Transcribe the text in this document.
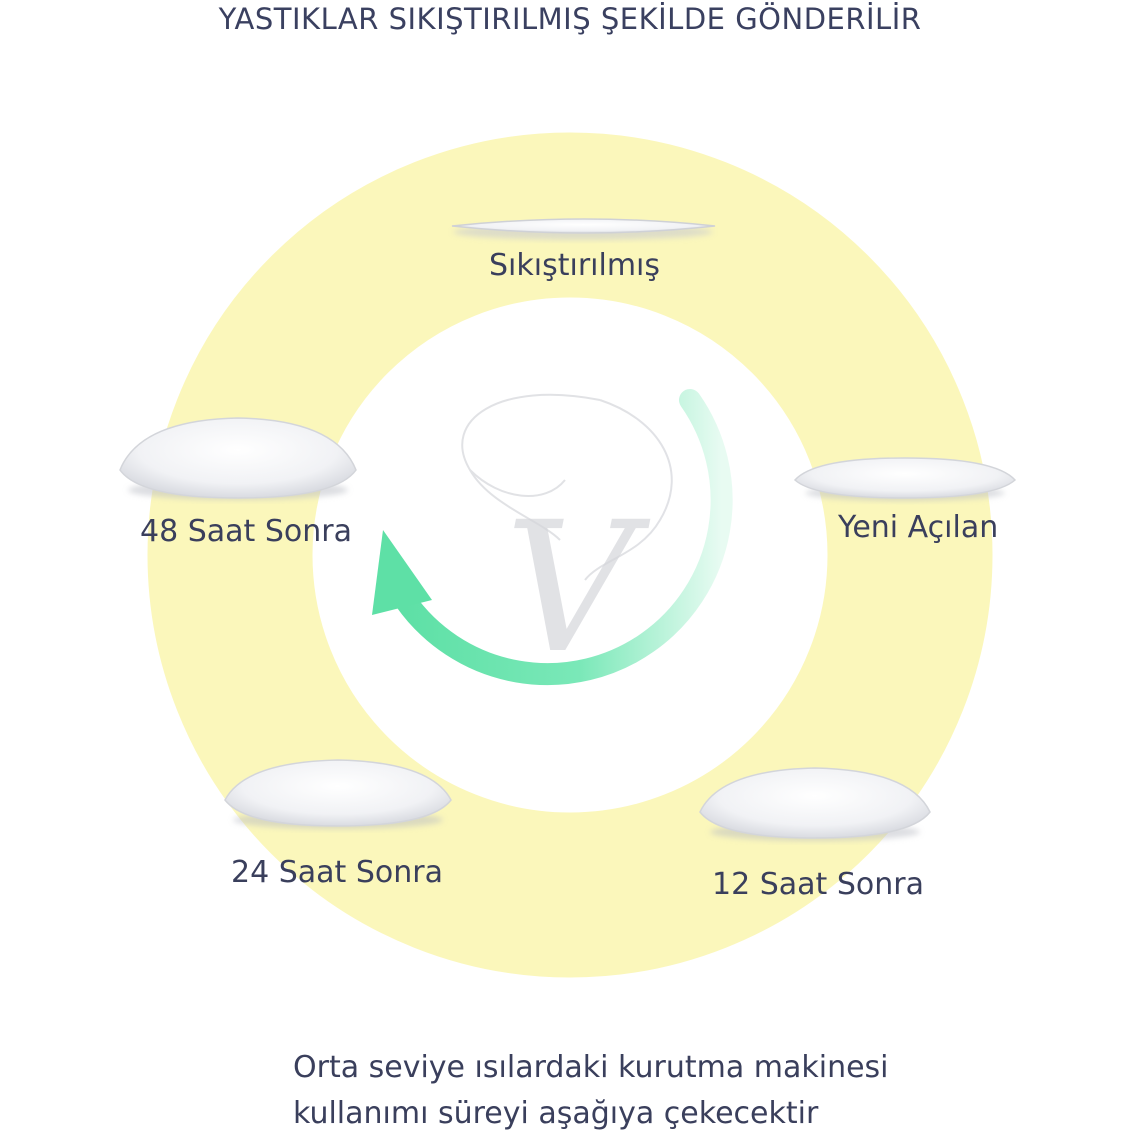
V
YASTIKLAR SIKIŞTIRILMIŞ ŞEKİLDE GÖNDERİLİR
Sıkıştırılmış
Yeni Açılan
48 Saat Sonra
24 Saat Sonra	12 Saat Sonra
Orta seviye ısılardaki kurutma makinesi
kullanımı süreyi aşağıya çekecektir
